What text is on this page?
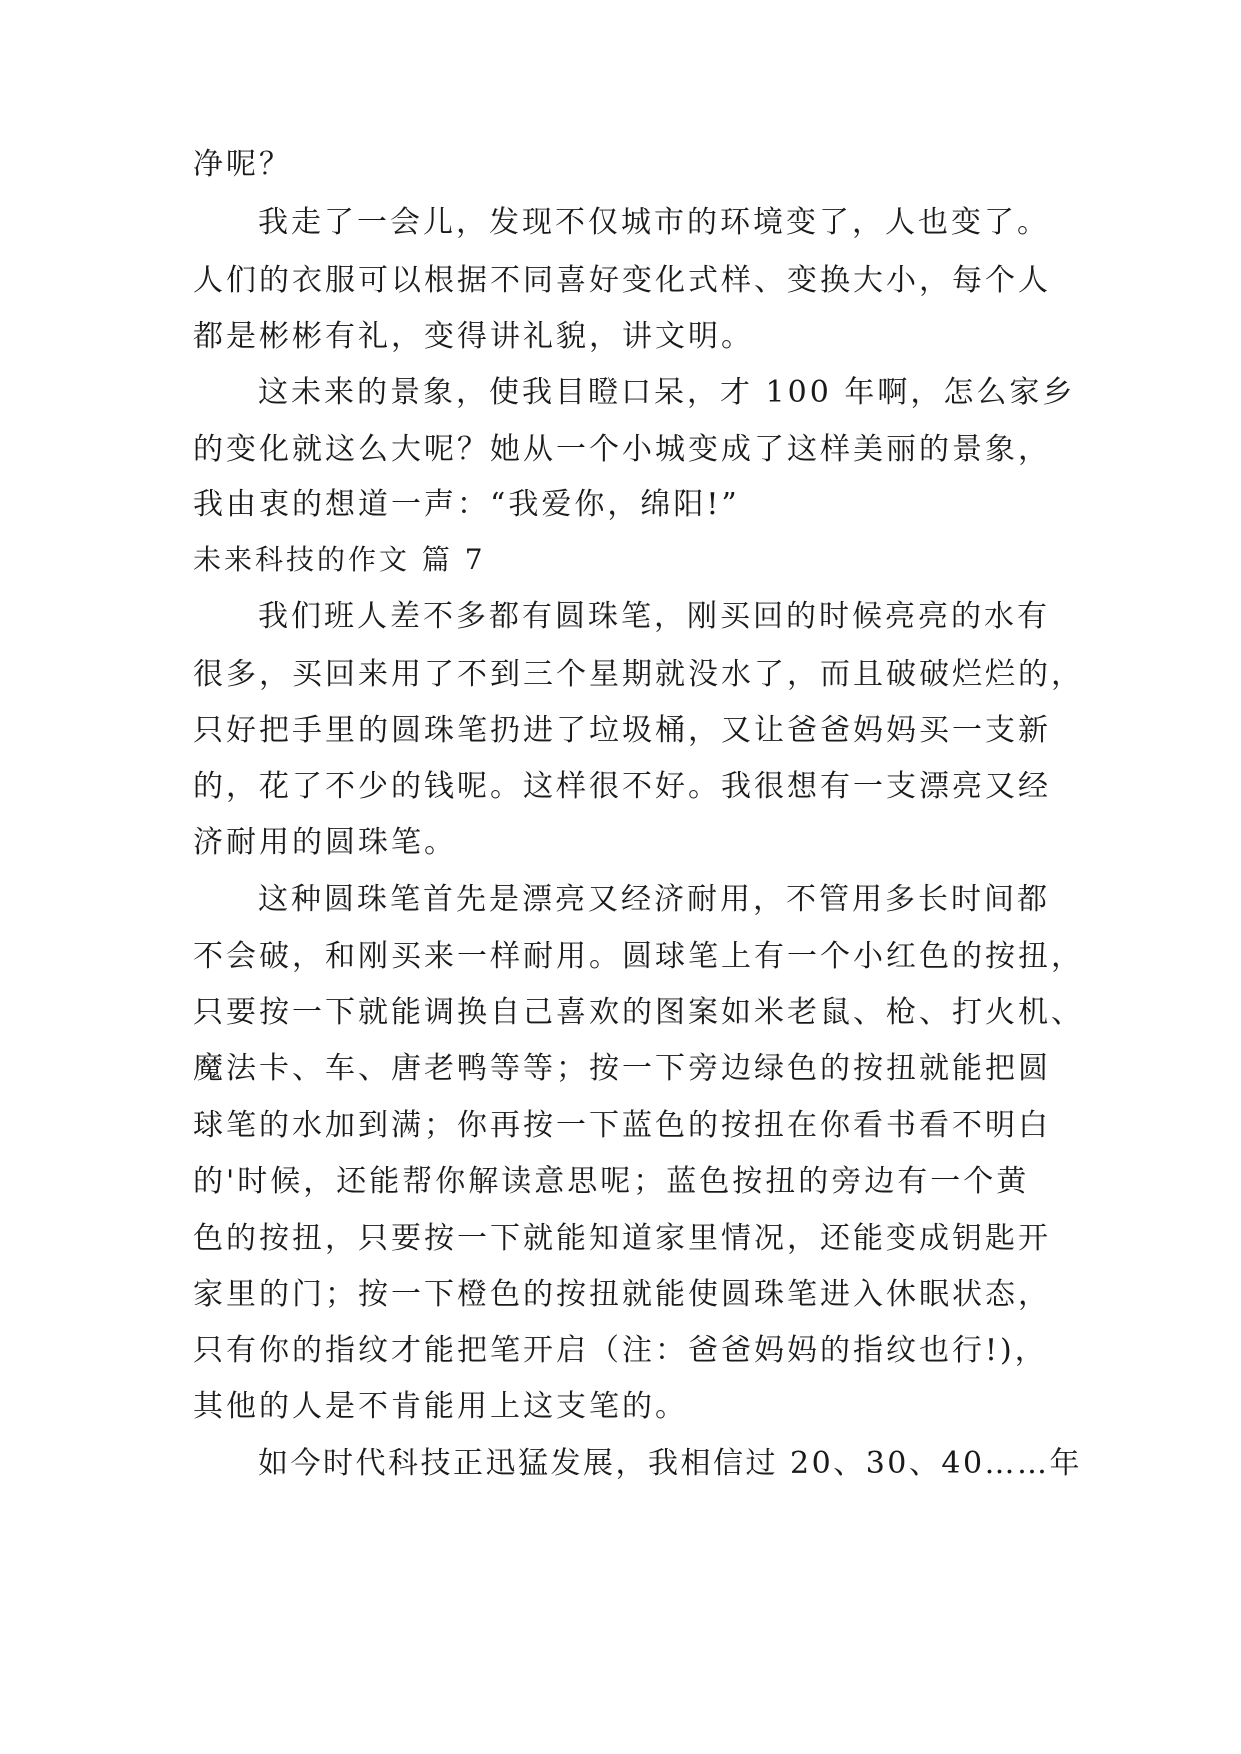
净呢？
我走了一会儿，发现不仅城市的环境变了，人也变了。
人们的衣服可以根据不同喜好变化式样、变换大小，每个人
都是彬彬有礼，变得讲礼貌，讲文明。
这未来的景象，使我目瞪口呆，才 100 年啊，怎么家乡
的变化就这么大呢？她从一个小城变成了这样美丽的景象，
我由衷的想道一声：“我爱你，绵阳!”
未来科技的作文 篇 7
我们班人差不多都有圆珠笔，刚买回的时候亮亮的水有
很多，买回来用了不到三个星期就没水了，而且破破烂烂的，
只好把手里的圆珠笔扔进了垃圾桶，又让爸爸妈妈买一支新
的，花了不少的钱呢。这样很不好。我很想有一支漂亮又经
济耐用的圆珠笔。
这种圆珠笔首先是漂亮又经济耐用，不管用多长时间都
不会破，和刚买来一样耐用。圆球笔上有一个小红色的按扭，
只要按一下就能调换自己喜欢的图案如米老鼠、枪、打火机、
魔法卡、车、唐老鸭等等；按一下旁边绿色的按扭就能把圆
球笔的水加到满；你再按一下蓝色的按扭在你看书看不明白
的'时候，还能帮你解读意思呢；蓝色按扭的旁边有一个黄
色的按扭，只要按一下就能知道家里情况，还能变成钥匙开
家里的门；按一下橙色的按扭就能使圆珠笔进入休眠状态，
只有你的指纹才能把笔开启（注：爸爸妈妈的指纹也行!)，
其他的人是不肯能用上这支笔的。
如今时代科技正迅猛发展，我相信过 20、30、40……年
